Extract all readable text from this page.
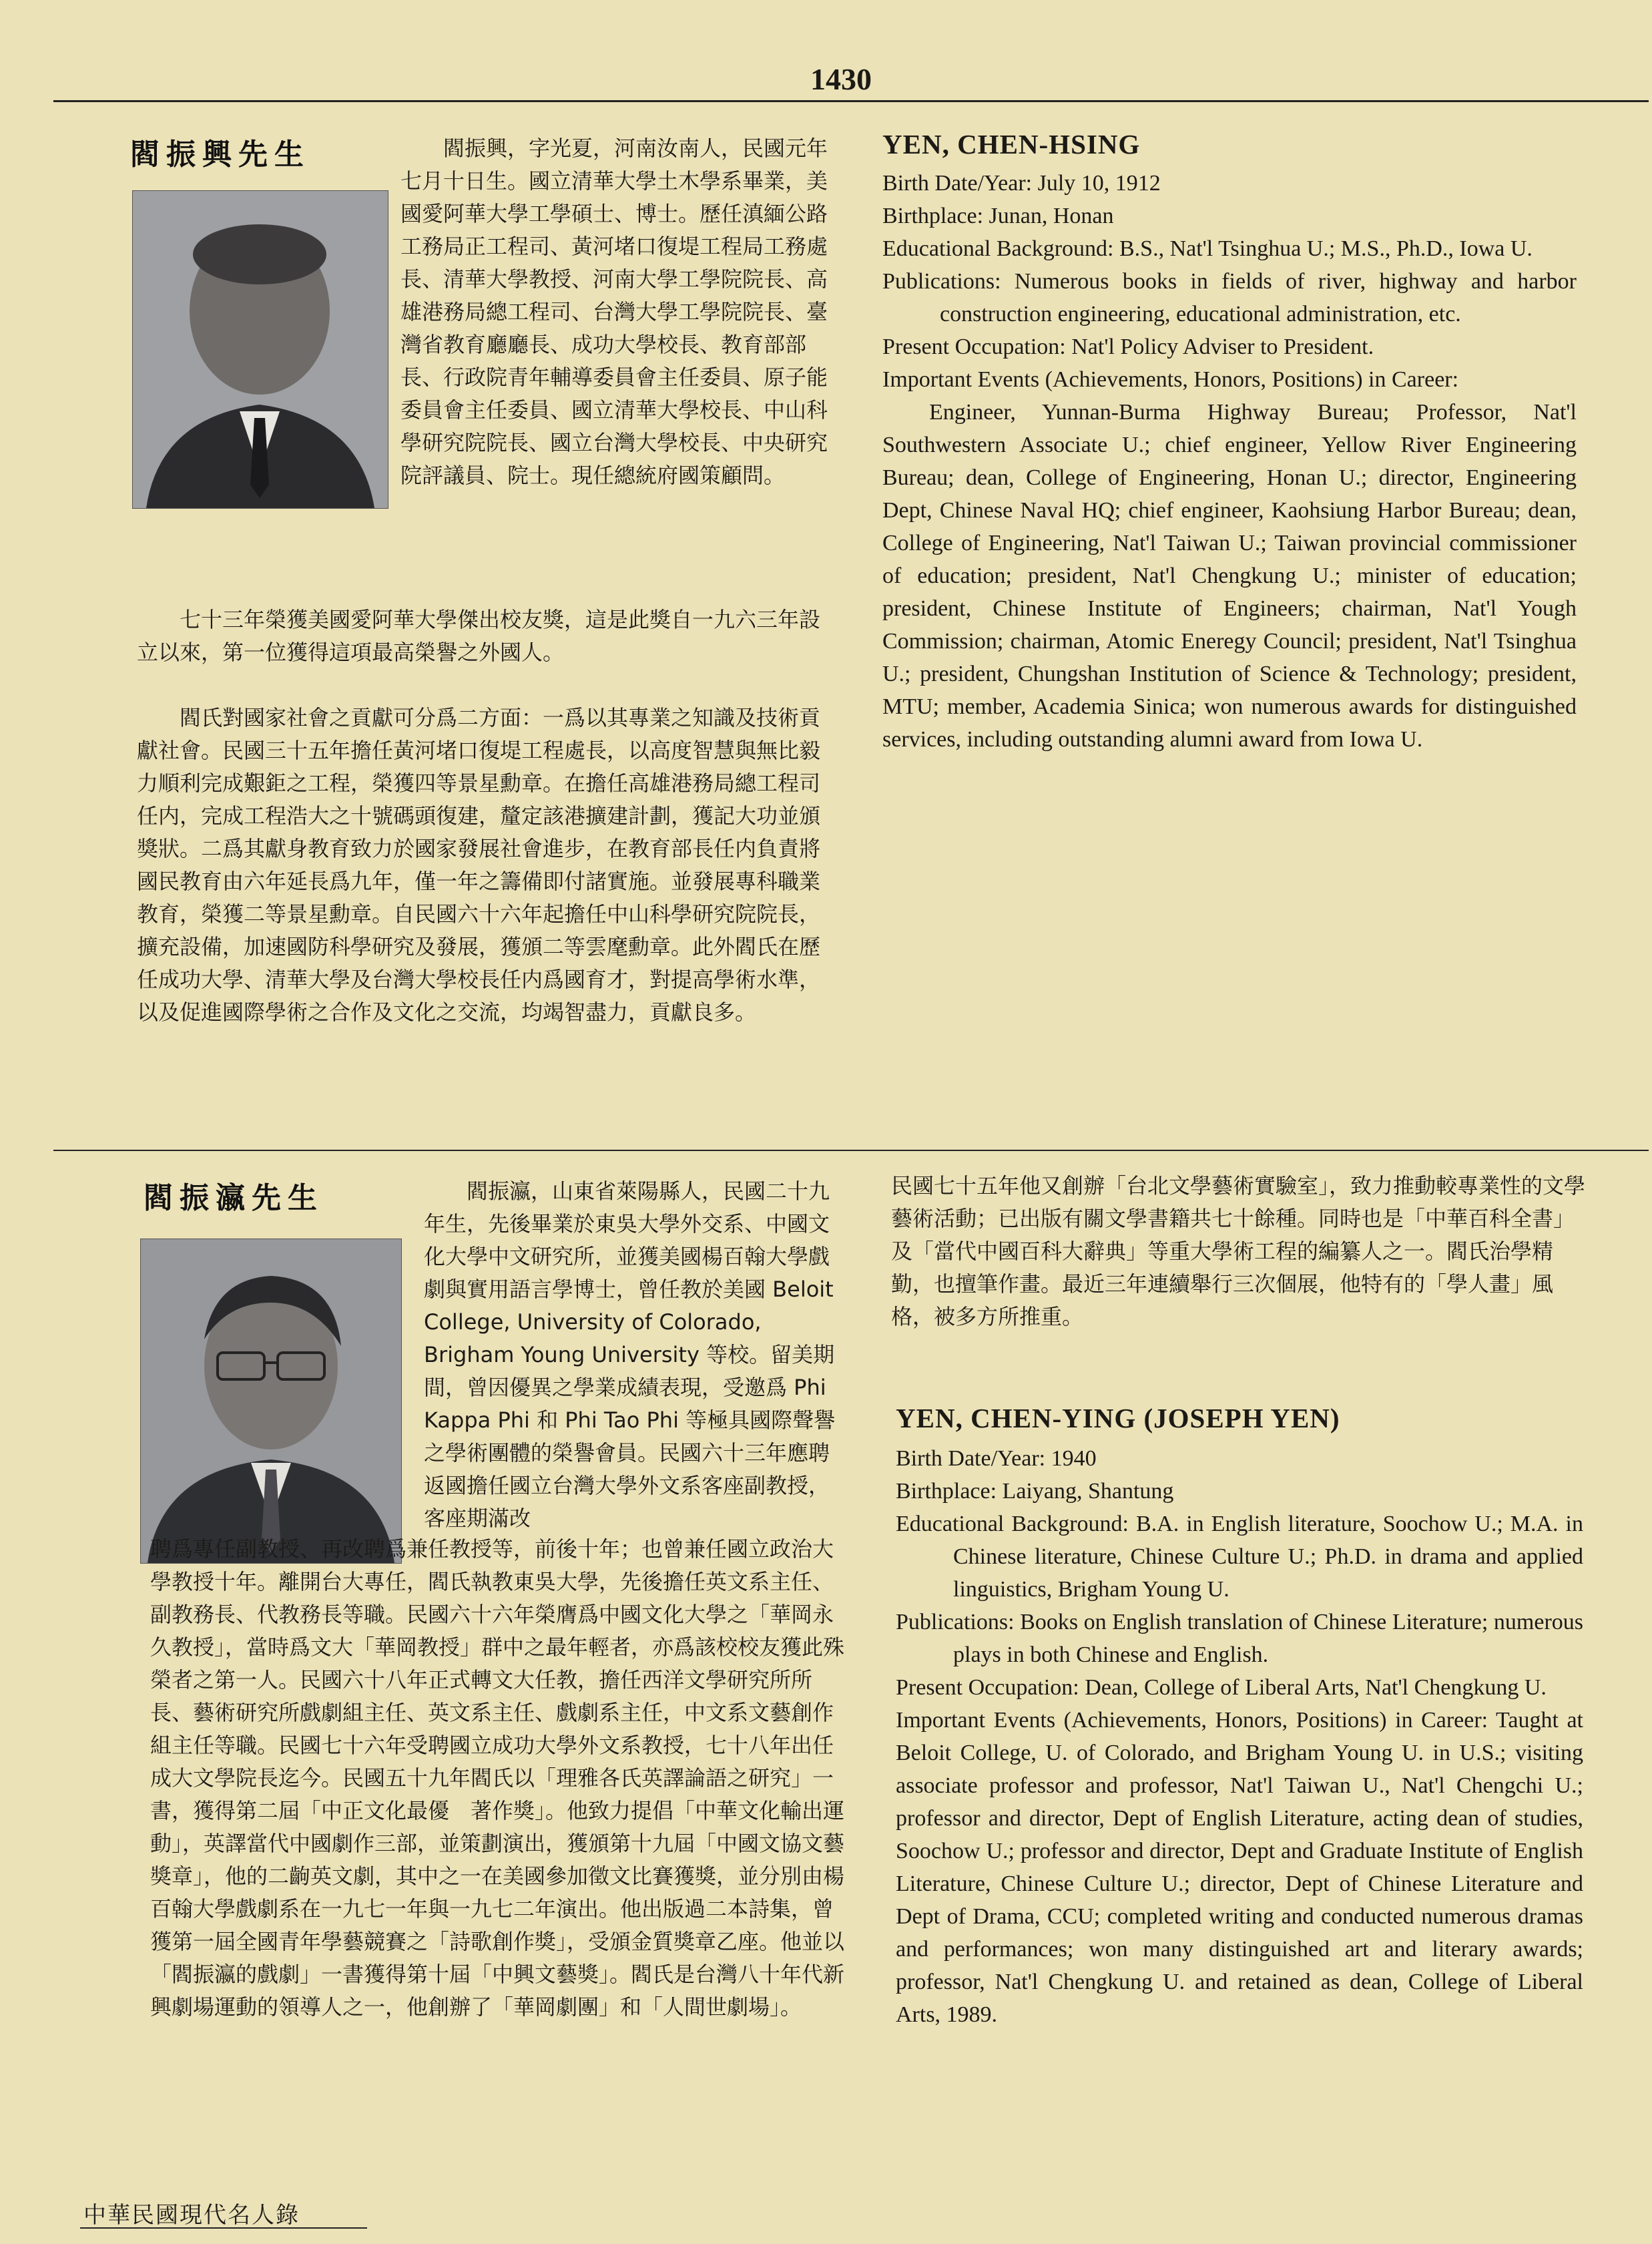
1430
閻振興先生	閻振興，字光夏，河南汝南人，民國元年七月十日生。國立清華大學土木學系畢業，美國愛阿華大學工學碩士、博士。歷任滇緬公路工務局正工程司、黃河堵口復堤工程局工務處長、清華大學教授、河南大學工學院院長、高雄港務局總工程司、台灣大學工學院院長、臺灣省教育廳廳長、成功大學校長、教育部部長、行政院青年輔導委員會主任委員、原子能委員會主任委員、國立清華大學校長、中山科學研究院院長、國立台灣大學校長、中央研究院評議員、院士。現任總統府國策顧問。

七十三年榮獲美國愛阿華大學傑出校友獎，這是此獎自一九六三年設立以來，第一位獲得這項最高榮譽之外國人。

閻氏對國家社會之貢獻可分爲二方面：一爲以其專業之知識及技術貢獻社會。民國三十五年擔任黃河堵口復堤工程處長，以高度智慧與無比毅力順利完成艱鉅之工程，榮獲四等景星勳章。在擔任高雄港務局總工程司任内，完成工程浩大之十號碼頭復建，釐定該港擴建計劃，獲記大功並頒獎狀。二爲其獻身教育致力於國家發展社會進步，在教育部長任内負責將國民教育由六年延長爲九年，僅一年之籌備即付諸實施。並發展專科職業教育，榮獲二等景星勳章。自民國六十六年起擔任中山科學研究院院長，擴充設備，加速國防科學研究及發展，獲頒二等雲麾勳章。此外閻氏在歷任成功大學、清華大學及台灣大學校長任内爲國育才，對提高學術水準，以及促進國際學術之合作及文化之交流，均竭智盡力，貢獻良多。

YEN, CHEN-HSING

Birth Date/Year: July 10, 1912

Birthplace: Junan, Honan

Educational Background: B.S., Nat'l Tsinghua U.; M.S., Ph.D., Iowa U.

Publications: Numerous books in fields of river, highway and harbor construction engineering, educational administration, etc.

Present Occupation: Nat'l Policy Adviser to President.

Important Events (Achievements, Honors, Positions) in Career:

Engineer, Yunnan-Burma Highway Bureau; Professor, Nat'l Southwestern Associate U.; chief engineer, Yellow River Engineering Bureau; dean, College of Engineering, Honan U.; director, Engineering Dept, Chinese Naval HQ; chief engineer, Kaohsiung Harbor Bureau; dean, College of Engineering, Nat'l Taiwan U.; Taiwan provincial commissioner of education; president, Nat'l Chengkung U.; minister of education; president, Chinese Institute of Engineers; chairman, Nat'l Yough Commission; chairman, Atomic Eneregy Council; president, Nat'l Tsinghua U.; president, Chungshan Institution of Science & Technology; president, MTU; member, Academia Sinica; won numerous awards for distinguished services, including outstanding alumni award from Iowa U.

閻振瀛先生	閻振瀛，山東省萊陽縣人，民國二十九年生，先後畢業於東吳大學外交系、中國文化大學中文研究所，並獲美國楊百翰大學戲劇與實用語言學博士，曾任教於美國 Beloit College, University of Colorado, Brigham Young University 等校。留美期間，曾因優異之學業成績表現，受邀爲 Phi Kappa Phi 和 Phi Tao Phi 等極具國際聲譽之學術團體的榮譽會員。民國六十三年應聘返國擔任國立台灣大學外文系客座副教授，客座期滿改
聘爲專任副教授、再改聘爲兼任教授等，前後十年；也曾兼任國立政治大學教授十年。離開台大專任，閻氏執教東吳大學，先後擔任英文系主任、副教務長、代教務長等職。民國六十六年榮膺爲中國文化大學之「華岡永久教授」，當時爲文大「華岡教授」群中之最年輕者，亦爲該校校友獲此殊榮者之第一人。民國六十八年正式轉文大任教，擔任西洋文學研究所所長、藝術研究所戲劇組主任、英文系主任、戲劇系主任，中文系文藝創作組主任等職。民國七十六年受聘國立成功大學外文系教授，七十八年出任成大文學院長迄今。民國五十九年閻氏以「理雅各氏英譯論語之研究」一書，獲得第二屆「中正文化最優　著作獎」。他致力提倡「中華文化輸出運動」，英譯當代中國劇作三部，並策劃演出，獲頒第十九屆「中國文協文藝獎章」，他的二齣英文劇，其中之一在美國參加徵文比賽獲獎，並分別由楊百翰大學戲劇系在一九七一年與一九七二年演出。他出版過二本詩集，曾獲第一屆全國青年學藝競賽之「詩歌創作獎」，受頒金質獎章乙座。他並以「閻振瀛的戲劇」一書獲得第十屆「中興文藝獎」。閻氏是台灣八十年代新興劇場運動的領導人之一，他創辦了「華岡劇團」和「人間世劇場」。
民國七十五年他又創辦「台北文學藝術實驗室」，致力推動較專業性的文學藝術活動；已出版有關文學書籍共七十餘種。同時也是「中華百科全書」及「當代中國百科大辭典」等重大學術工程的編纂人之一。閻氏治學精勤，也擅筆作畫。最近三年連續舉行三次個展，他特有的「學人畫」風格，被多方所推重。
YEN, CHEN-YING (JOSEPH YEN)

Birth Date/Year: 1940

Birthplace: Laiyang, Shantung

Educational Background: B.A. in English literature, Soochow U.; M.A. in Chinese literature, Chinese Culture U.; Ph.D. in drama and applied linguistics, Brigham Young U.

Publications: Books on English translation of Chinese Literature; numerous plays in both Chinese and English.

Present Occupation: Dean, College of Liberal Arts, Nat'l Chengkung U.

Important Events (Achievements, Honors, Positions) in Career: Taught at Beloit College, U. of Colorado, and Brigham Young U. in U.S.; visiting associate professor and professor, Nat'l Taiwan U., Nat'l Chengchi U.; professor and director, Dept of English Literature, acting dean of studies, Soochow U.; professor and director, Dept and Graduate Institute of English Literature, Chinese Culture U.; director, Dept of Chinese Literature and Dept of Drama, CCU; completed writing and conducted numerous dramas and performances; won many distinguished art and literary awards; professor, Nat'l Chengkung U. and retained as dean, College of Liberal Arts, 1989.

中華民國現代名人錄
